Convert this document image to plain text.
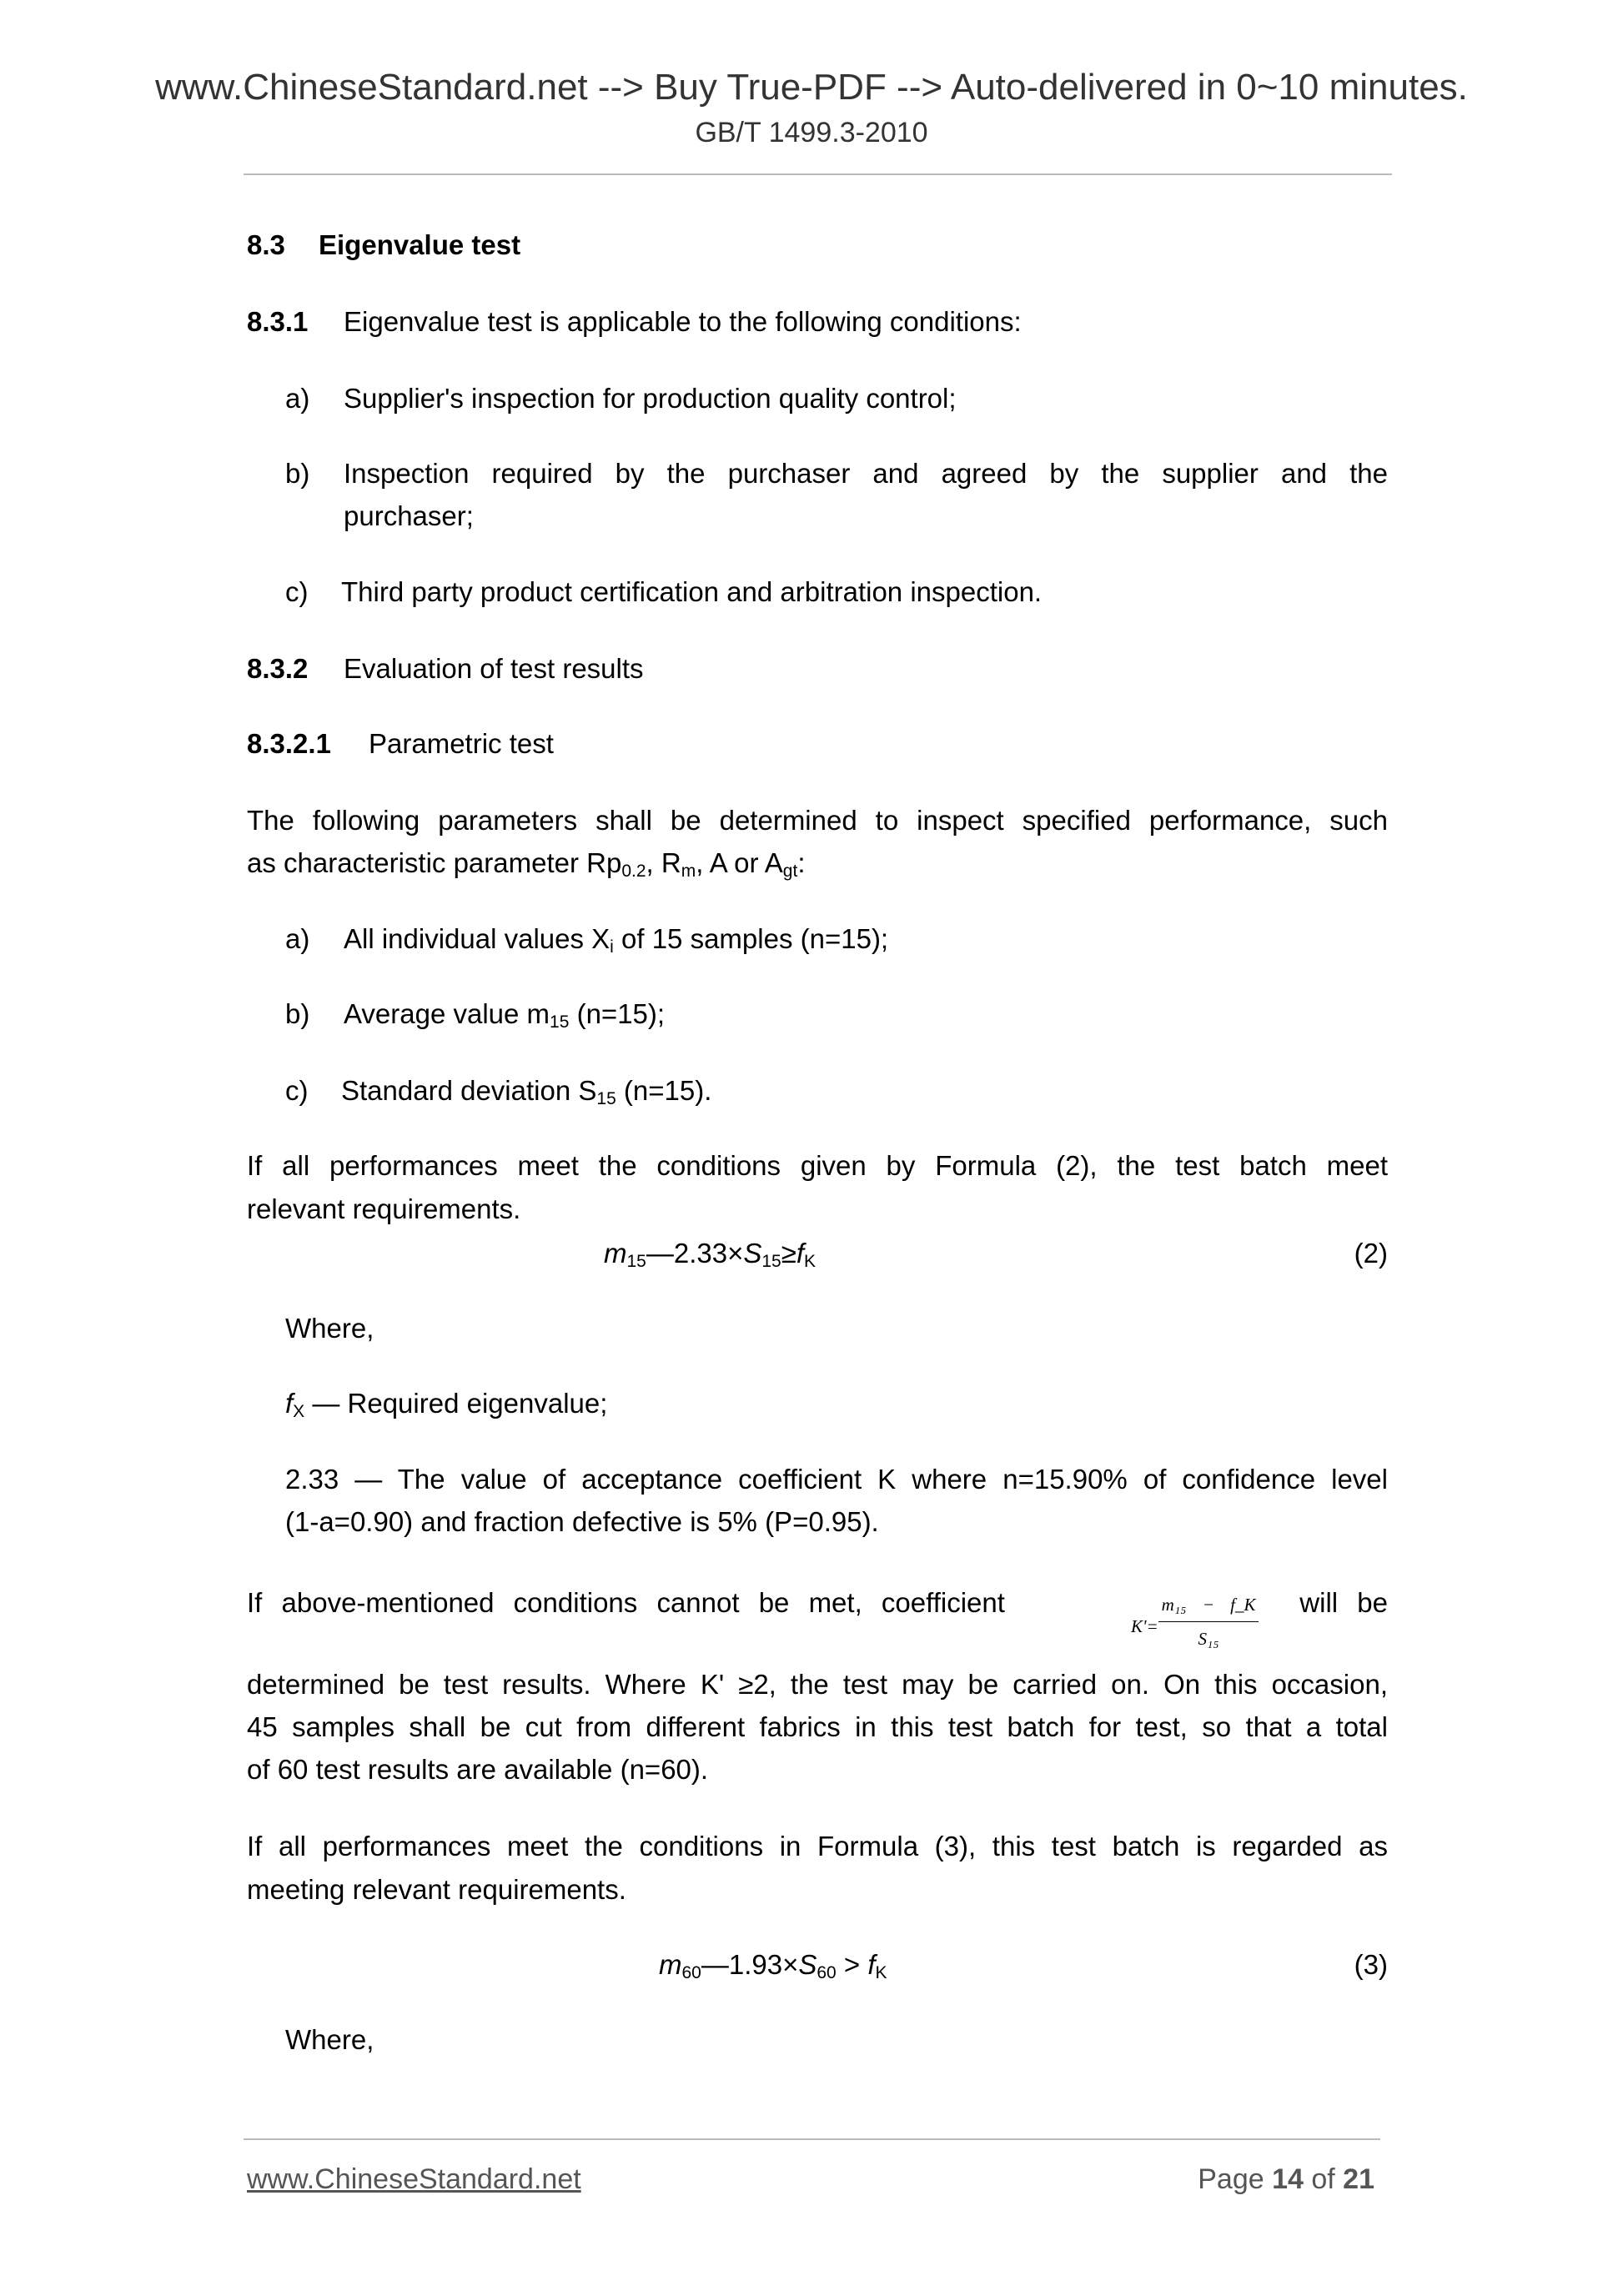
www.ChineseStandard.net --> Buy True-PDF --> Auto-delivered in 0~10 minutes.
GB/T 1499.3-2010
8.3 Eigenvalue test
8.3.1 Eigenvalue test is applicable to the following conditions:
a) Supplier's inspection for production quality control;
b) Inspection required by the purchaser and agreed by the supplier and the
purchaser;
c) Third party product certification and arbitration inspection.
8.3.2 Evaluation of test results
8.3.2.1 Parametric test
The following parameters shall be determined to inspect specified performance, such
as characteristic parameter $Rp_{0.2}$, $R_m$, A or $A_{gt}$:
a) All individual values $X_i$ of 15 samples (n=15);
b) Average value $m_{15}$ (n=15);
c) Standard deviation $S_{15}$ (n=15).
If all performances meet the conditions given by Formula (2), the test batch meet
relevant requirements.
$m_{15}—2.33\times S_{15}\ge f_K$	(2)
Where,
$f_X$ — Required eigenvalue;
2.33 — The value of acceptance coefficient K where n=15.90% of confidence level
(1-a=0.90) and fraction defective is 5% (P=0.95).
If above-mentioned conditions cannot be met, coefficient
$K'= \frac{\text{m₁₅ − f\_K}}{\text{S₁₅}}$ will be
determined be test results. Where K' ≥2, the test may be carried on. On this occasion,
45 samples shall be cut from different fabrics in this test batch for test, so that a total
of 60 test results are available (n=60).
If all performances meet the conditions in Formula (3), this test batch is regarded as
meeting relevant requirements.
$m_{60}—1.93\times S_{60} > f_K$	(3)
Where,
www.ChineseStandard.net	Page 14 of 21
